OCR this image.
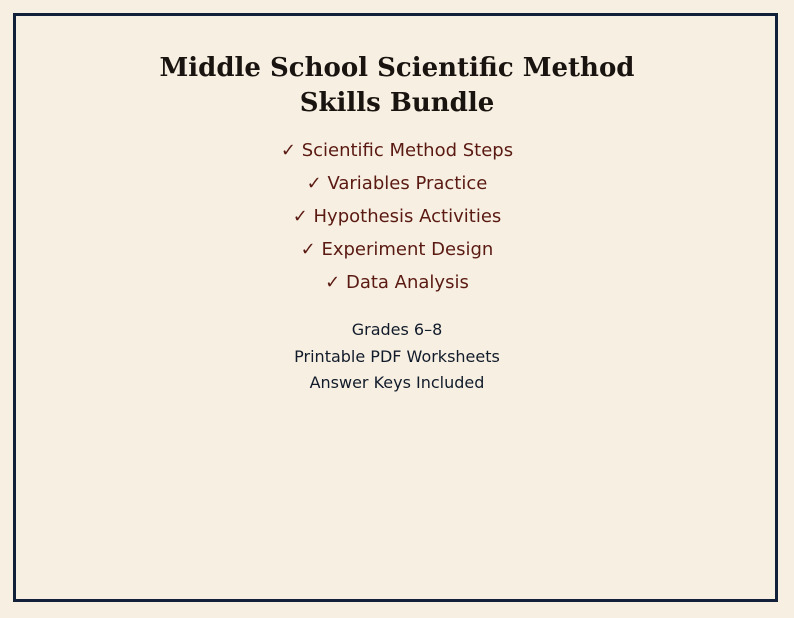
Middle School Scientific Method
Skills Bundle
✓ Scientific Method Steps
✓ Variables Practice
✓ Hypothesis Activities
✓ Experiment Design
✓ Data Analysis
Grades 6–8
Printable PDF Worksheets
Answer Keys Included
